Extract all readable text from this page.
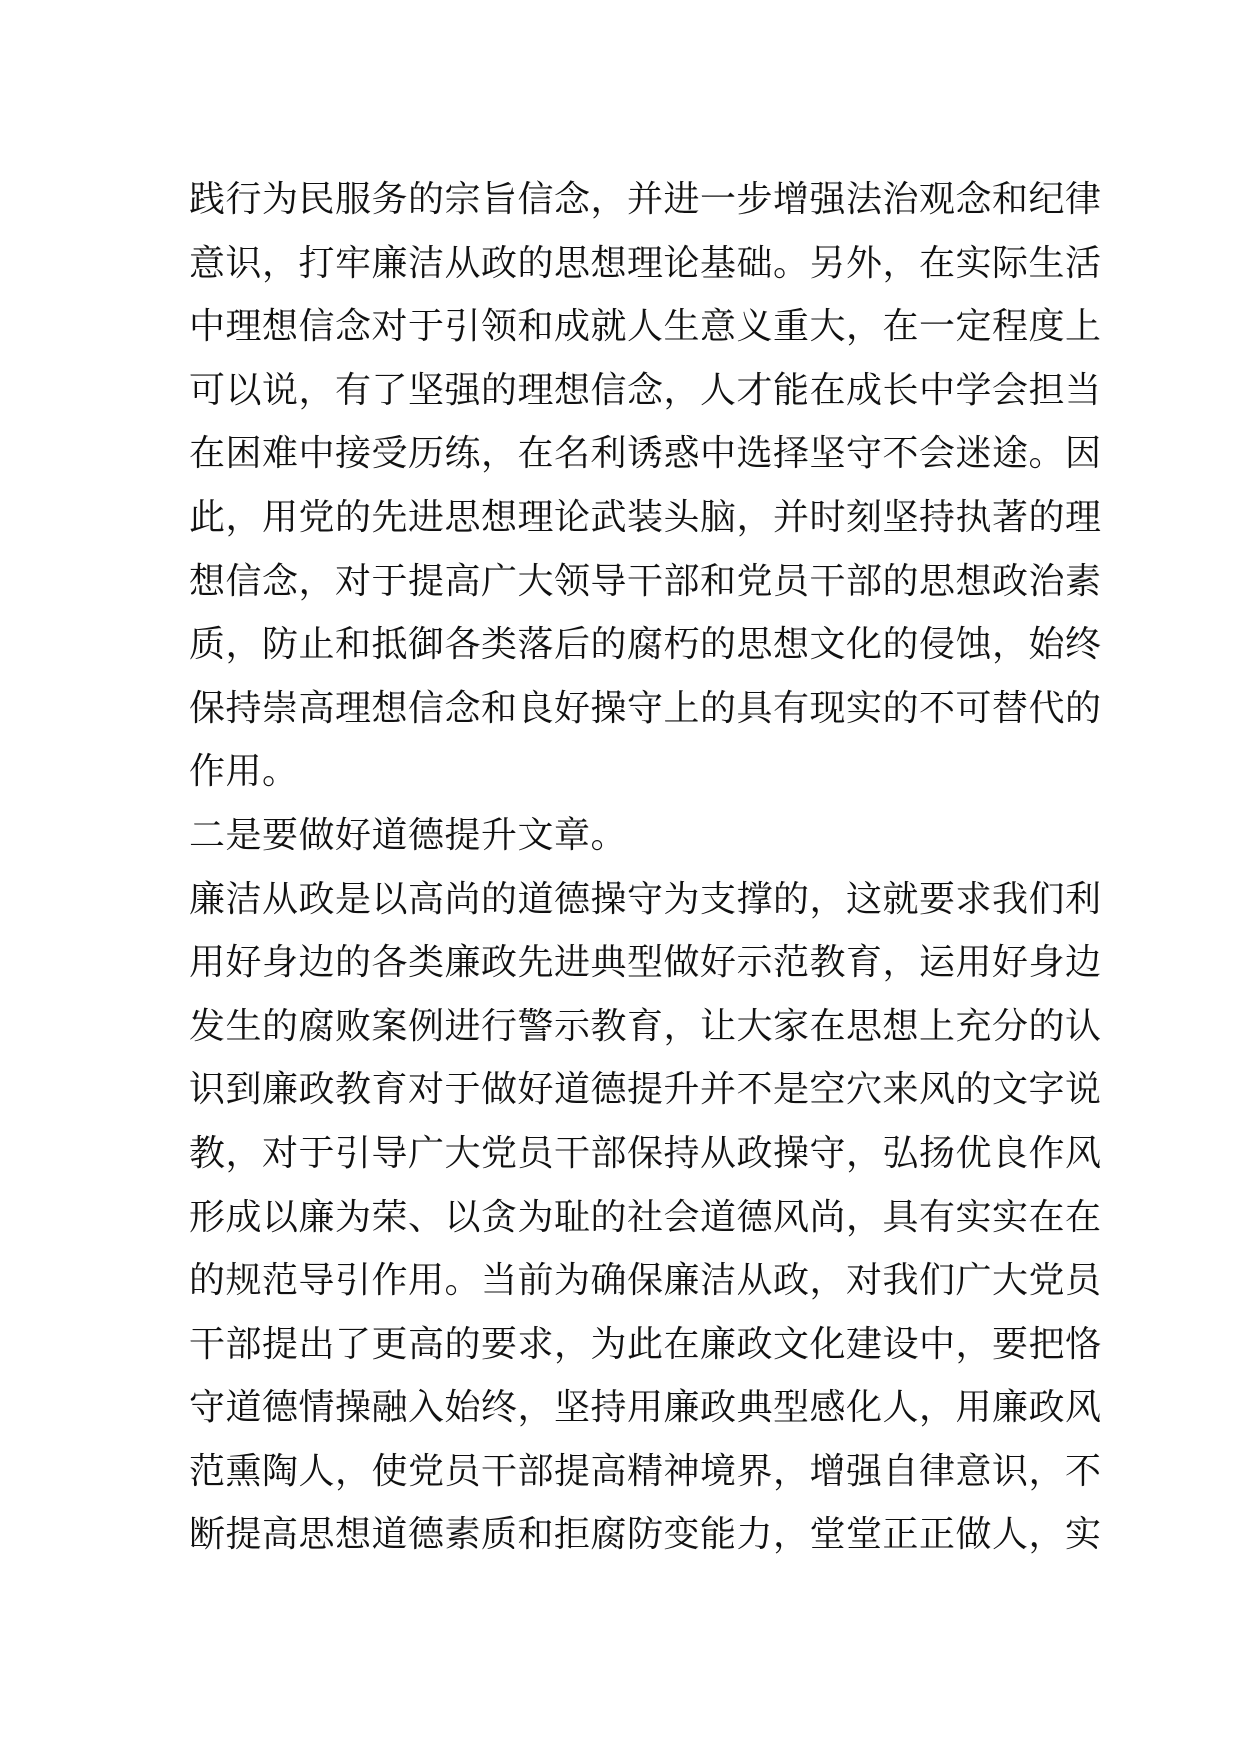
践行为民服务的宗旨信念，并进一步增强法治观念和纪律
意识，打牢廉洁从政的思想理论基础。另外，在实际生活
中理想信念对于引领和成就人生意义重大，在一定程度上
可以说，有了坚强的理想信念，人才能在成长中学会担当
在困难中接受历练，在名利诱惑中选择坚守不会迷途。因
此，用党的先进思想理论武装头脑，并时刻坚持执著的理
想信念，对于提高广大领导干部和党员干部的思想政治素
质，防止和抵御各类落后的腐朽的思想文化的侵蚀，始终
保持崇高理想信念和良好操守上的具有现实的不可替代的
作用。
二是要做好道德提升文章。
廉洁从政是以高尚的道德操守为支撑的，这就要求我们利
用好身边的各类廉政先进典型做好示范教育，运用好身边
发生的腐败案例进行警示教育，让大家在思想上充分的认
识到廉政教育对于做好道德提升并不是空穴来风的文字说
教，对于引导广大党员干部保持从政操守，弘扬优良作风
形成以廉为荣、以贪为耻的社会道德风尚，具有实实在在
的规范导引作用。当前为确保廉洁从政，对我们广大党员
干部提出了更高的要求，为此在廉政文化建设中，要把恪
守道德情操融入始终，坚持用廉政典型感化人，用廉政风
范熏陶人，使党员干部提高精神境界，增强自律意识，不
断提高思想道德素质和拒腐防变能力，堂堂正正做人，实
